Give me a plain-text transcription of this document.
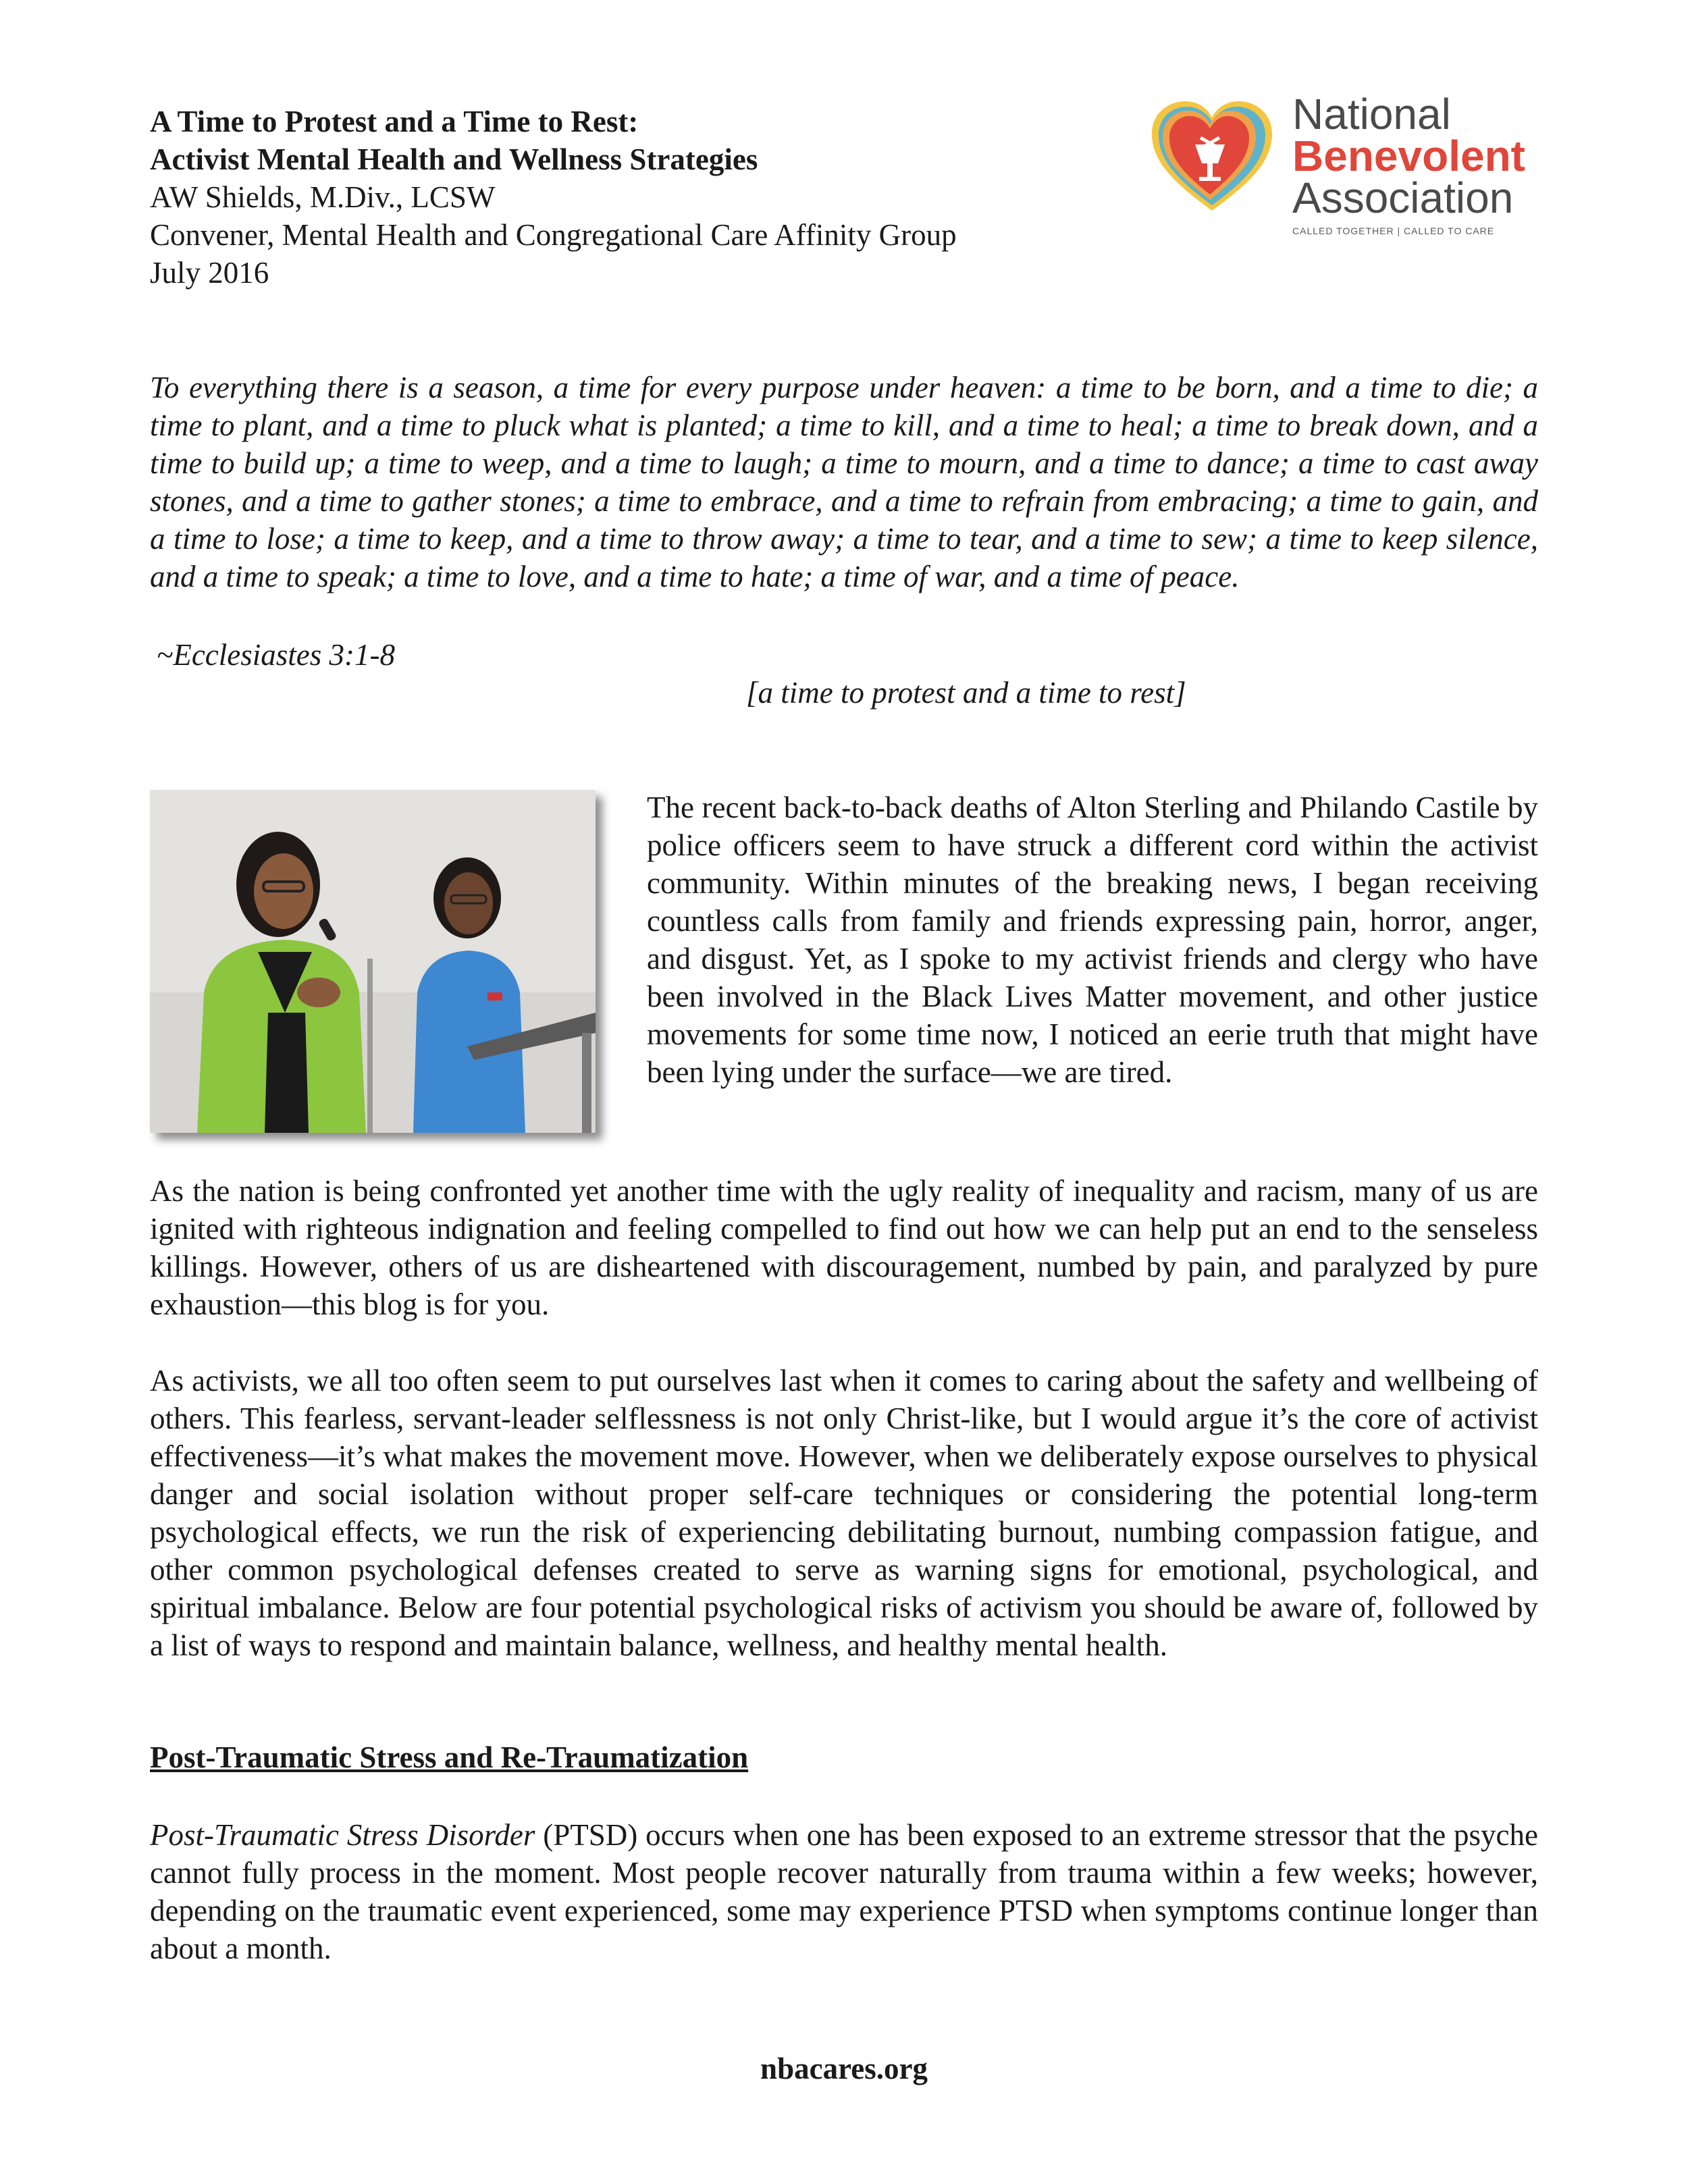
A Time to Protest and a Time to Rest:
Activist Mental Health and Wellness Strategies
AW Shields, M.Div., LCSW
Convener, Mental Health and Congregational Care Affinity Group
July 2016
National
Benevolent
Association
CALLED TOGETHER | CALLED TO CARE
To everything there is a season, a time for every purpose under heaven: a time to be born, and a time to die; a time to plant, and a time to pluck what is planted; a time to kill, and a time to heal; a time to break down, and a time to build up; a time to weep, and a time to laugh; a time to mourn, and a time to dance; a time to cast away stones, and a time to gather stones; a time to embrace, and a time to refrain from embracing; a time to gain, and a time to lose; a time to keep, and a time to throw away; a time to tear, and a time to sew; a time to keep silence, and a time to speak; a time to love, and a time to hate; a time of war, and a time of peace.
~Ecclesiastes 3:1-8
[a time to protest and a time to rest]
The recent back-to-back deaths of Alton Sterling and Philando Castile by police officers seem to have struck a different cord within the activist community. Within minutes of the breaking news, I began receiving countless calls from family and friends expressing pain, horror, anger, and disgust. Yet, as I spoke to my activist friends and clergy who have been involved in the Black Lives Matter movement, and other justice movements for some time now, I noticed an eerie truth that might have been lying under the surface—we are tired.
As the nation is being confronted yet another time with the ugly reality of inequality and racism, many of us are ignited with righteous indignation and feeling compelled to find out how we can help put an end to the senseless killings. However, others of us are disheartened with discouragement, numbed by pain, and paralyzed by pure exhaustion—this blog is for you.
As activists, we all too often seem to put ourselves last when it comes to caring about the safety and wellbeing of others. This fearless, servant-leader selflessness is not only Christ-like, but I would argue it’s the core of activist effectiveness—it’s what makes the movement move. However, when we deliberately expose ourselves to physical danger and social isolation without proper self-care techniques or considering the potential long-term psychological effects, we run the risk of experiencing debilitating burnout, numbing compassion fatigue, and other common psychological defenses created to serve as warning signs for emotional, psychological, and spiritual imbalance. Below are four potential psychological risks of activism you should be aware of, followed by a list of ways to respond and maintain balance, wellness, and healthy mental health.
Post-Traumatic Stress and Re-Traumatization
Post-Traumatic Stress Disorder (PTSD) occurs when one has been exposed to an extreme stressor that the psyche cannot fully process in the moment. Most people recover naturally from trauma within a few weeks; however, depending on the traumatic event experienced, some may experience PTSD when symptoms continue longer than about a month.
nbacares.org
